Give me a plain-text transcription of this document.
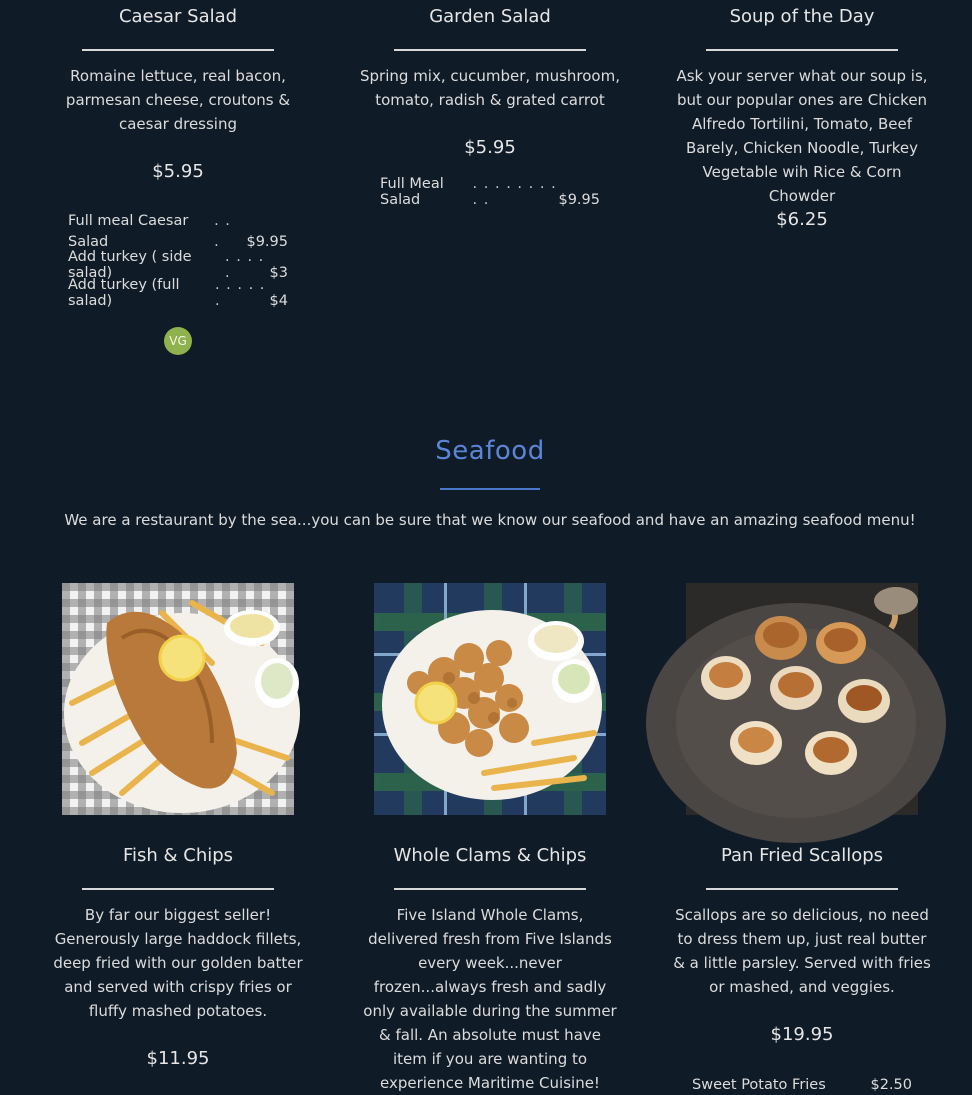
Caesar Salad
Romaine lettuce, real bacon, parmesan cheese, croutons & caesar dressing
$5.95
Full meal Caesar Salad
. . .	$9.95
Add turkey ( side salad)
. . . . .	$3
Add turkey (full salad)
. . . . . .	$4
VG
Garden Salad
Spring mix, cucumber, mushroom, tomato, radish & grated carrot
$5.95
Full Meal Salad
. . . . . . . . . .	$9.95
Soup of the Day
Ask your server what our soup is, but our popular ones are Chicken Alfredo Tortilini, Tomato, Beef Barely, Chicken Noodle, Turkey Vegetable wih Rice & Corn Chowder
$6.25
Seafood
We are a restaurant by the sea...you can be sure that we know our seafood and have an amazing seafood menu!
Fish & Chips
By far our biggest seller! Generously large haddock fillets, deep fried with our golden batter and served with crispy fries or fluffy mashed potatoes.
$11.95
Whole Clams & Chips
Five Island Whole Clams, delivered fresh from Five Islands every week...never frozen...always fresh and sadly only available during the summer & fall. An absolute must have item if you are wanting to experience Maritime Cuisine!
Pan Fried Scallops
Scallops are so delicious, no need to dress them up, just real butter & a little parsley. Served with fries or mashed, and veggies.
$19.95
Sweet Potato Fries	$2.50
